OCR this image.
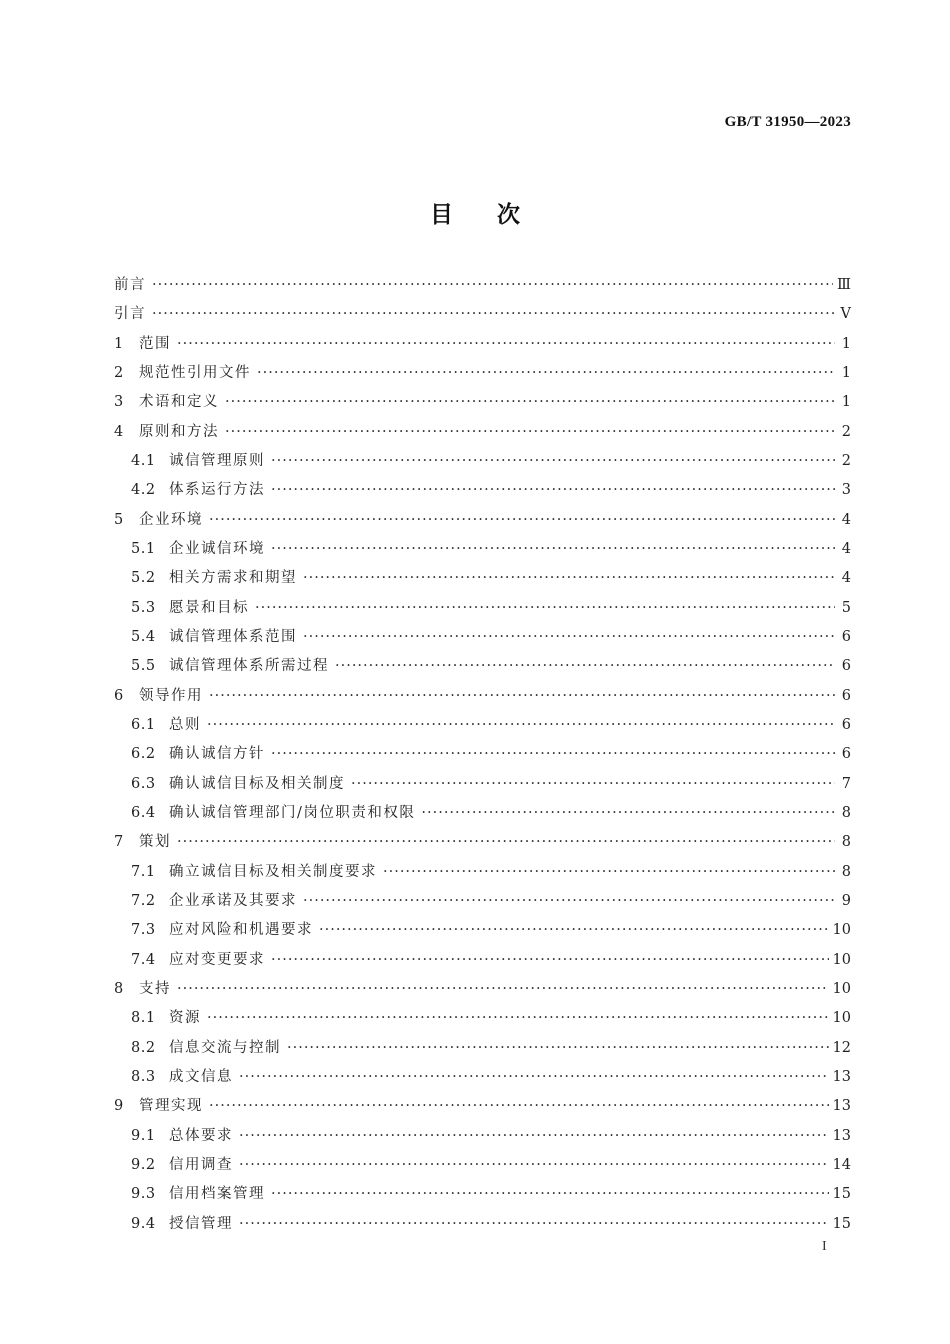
GB/T 31950—2023
目 次
前言 ·····	Ⅲ
引言 ·····	Ⅴ
1	范围 ·····	1
2	规范性引用文件 ·····	1
3	术语和定义 ·····	1
4	原则和方法 ·····	2
4.1 诚信管理原则 ·····	2
4.2 体系运行方法 ·····	3
5	企业环境 ·····	4
5.1 企业诚信环境 ·····	4
5.2 相关方需求和期望 ·····	4
5.3 愿景和目标 ·····	5
5.4 诚信管理体系范围 ·····	6
5.5 诚信管理体系所需过程 ·····	6
6	领导作用 ·····	6
6.1 总则 ·····	6
6.2 确认诚信方针 ·····	6
6.3 确认诚信目标及相关制度 ·····	7
6.4 确认诚信管理部门/岗位职责和权限 ·····	8
7	策划 ·····	8
7.1 确立诚信目标及相关制度要求 ·····	8
7.2 企业承诺及其要求 ·····	9
7.3 应对风险和机遇要求 ·····	10
7.4 应对变更要求 ·····	10
8	支持 ·····	10
8.1 资源 ·····	10
8.2 信息交流与控制 ·····	12
8.3 成文信息 ·····	13
9	管理实现 ·····	13
9.1 总体要求 ·····	13
9.2 信用调查 ·····	14
9.3 信用档案管理 ·····	15
9.4 授信管理 ·····	15
I
